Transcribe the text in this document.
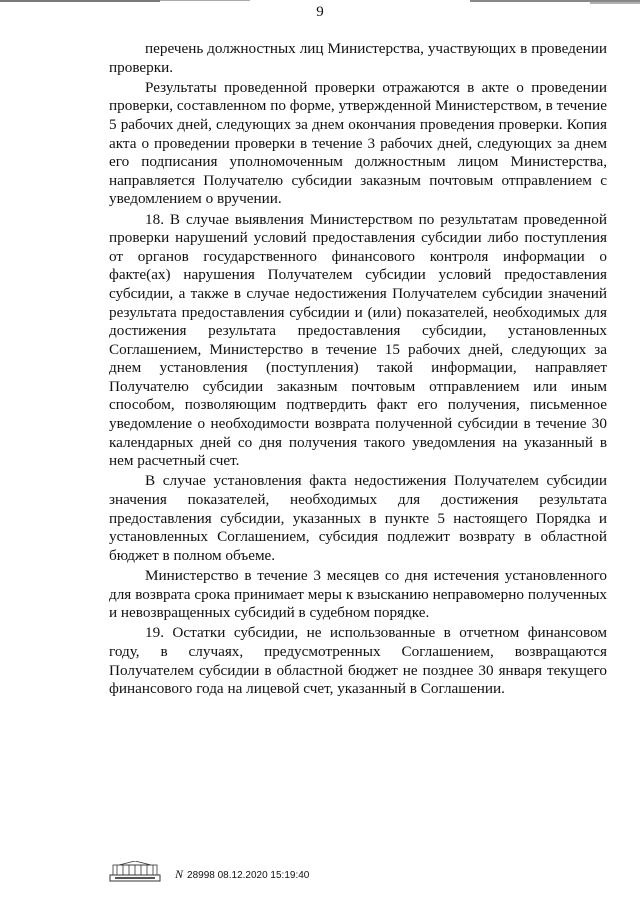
9

перечень должностных лиц Министерства, участвующих в проведении проверки.

Результаты проведенной проверки отражаются в акте о проведении проверки, составленном по форме, утвержденной Министерством, в течение 5 рабочих дней, следующих за днем окончания проведения проверки. Копия акта о проведении проверки в течение 3 рабочих дней, следующих за днем его подписания уполномоченным должностным лицом Министерства, направляется Получателю субсидии заказным почтовым отправлением с уведомлением о вручении.

18. В случае выявления Министерством по результатам проведенной проверки нарушений условий предоставления субсидии либо поступления от органов государственного финансового контроля информации о факте(ах) нарушения Получателем субсидии условий предоставления субсидии, а также в случае недостижения Получателем субсидии значений результата предоставления субсидии и (или) показателей, необходимых для достижения результата предоставления субсидии, установленных Соглашением, Министерство в течение 15 рабочих дней, следующих за днем установления (поступления) такой информации, направляет Получателю субсидии заказным почтовым отправлением или иным способом, позволяющим подтвердить факт его получения, письменное уведомление о необходимости возврата полученной субсидии в течение 30 календарных дней со дня получения такого уведомления на указанный в нем расчетный счет.

В случае установления факта недостижения Получателем субсидии значения показателей, необходимых для достижения результата предоставления субсидии, указанных в пункте 5 настоящего Порядка и установленных Соглашением, субсидия подлежит возврату в областной бюджет в полном объеме.

Министерство в течение 3 месяцев со дня истечения установленного для возврата срока принимает меры к взысканию неправомерно полученных и невозвращенных субсидий в судебном порядке.

19. Остатки субсидии, не использованные в отчетном финансовом году, в случаях, предусмотренных Соглашением, возвращаются Получателем субсидии в областной бюджет не позднее 30 января текущего финансового года на лицевой счет, указанный в Соглашении.

N 28998 08.12.2020 15:19:40
